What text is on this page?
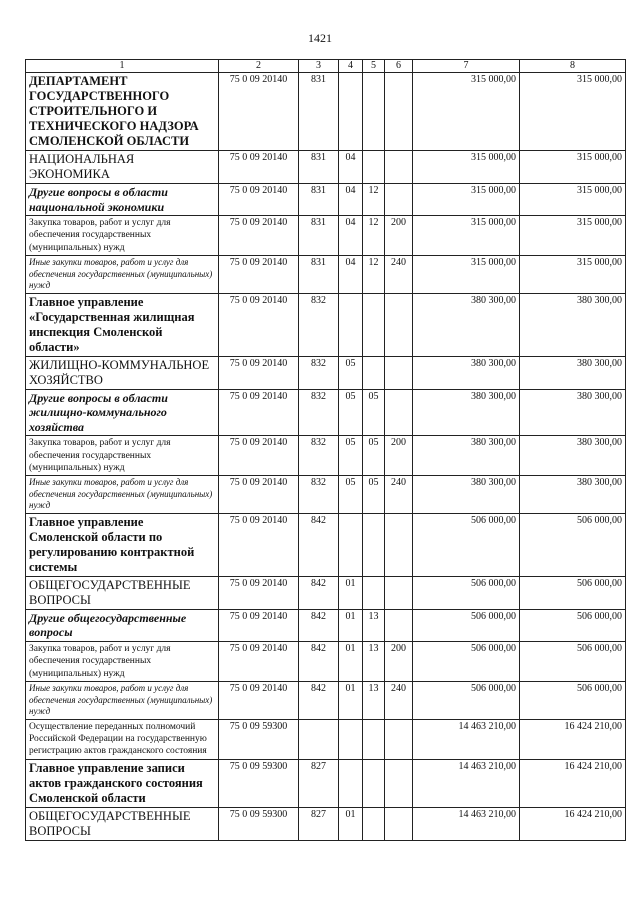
1421
1	2	3	4	5	6	7	8
ДЕПАРТАМЕНТ ГОСУДАРСТВЕННОГО СТРОИТЕЛЬНОГО И ТЕХНИЧЕСКОГО НАДЗОРА СМОЛЕНСКОЙ ОБЛАСТИ	75 0 09 20140	831				315 000,00	315 000,00
НАЦИОНАЛЬНАЯ ЭКОНОМИКА	75 0 09 20140	831	04			315 000,00	315 000,00
Другие вопросы в области национальной экономики	75 0 09 20140	831	04	12		315 000,00	315 000,00
Закупка товаров, работ и услуг для обеспечения государственных (муниципальных) нужд	75 0 09 20140	831	04	12	200	315 000,00	315 000,00
Иные закупки товаров, работ и услуг для обеспечения государственных (муниципальных) нужд	75 0 09 20140	831	04	12	240	315 000,00	315 000,00
Главное управление «Государственная жилищная инспекция Смоленской области»	75 0 09 20140	832				380 300,00	380 300,00
ЖИЛИЩНО-КОММУНАЛЬНОЕ ХОЗЯЙСТВО	75 0 09 20140	832	05			380 300,00	380 300,00
Другие вопросы в области жилищно-коммунального хозяйства	75 0 09 20140	832	05	05		380 300,00	380 300,00
Закупка товаров, работ и услуг для обеспечения государственных (муниципальных) нужд	75 0 09 20140	832	05	05	200	380 300,00	380 300,00
Иные закупки товаров, работ и услуг для обеспечения государственных (муниципальных) нужд	75 0 09 20140	832	05	05	240	380 300,00	380 300,00
Главное управление Смоленской области по регулированию контрактной системы	75 0 09 20140	842				506 000,00	506 000,00
ОБЩЕГОСУДАРСТВЕННЫЕ ВОПРОСЫ	75 0 09 20140	842	01			506 000,00	506 000,00
Другие общегосударственные вопросы	75 0 09 20140	842	01	13		506 000,00	506 000,00
Закупка товаров, работ и услуг для обеспечения государственных (муниципальных) нужд	75 0 09 20140	842	01	13	200	506 000,00	506 000,00
Иные закупки товаров, работ и услуг для обеспечения государственных (муниципальных) нужд	75 0 09 20140	842	01	13	240	506 000,00	506 000,00
Осуществление переданных полномочий Российской Федерации на государственную регистрацию актов гражданского состояния	75 0 09 59300					14 463 210,00	16 424 210,00
Главное управление записи актов гражданского состояния Смоленской области	75 0 09 59300	827				14 463 210,00	16 424 210,00
ОБЩЕГОСУДАРСТВЕННЫЕ ВОПРОСЫ	75 0 09 59300	827	01			14 463 210,00	16 424 210,00
